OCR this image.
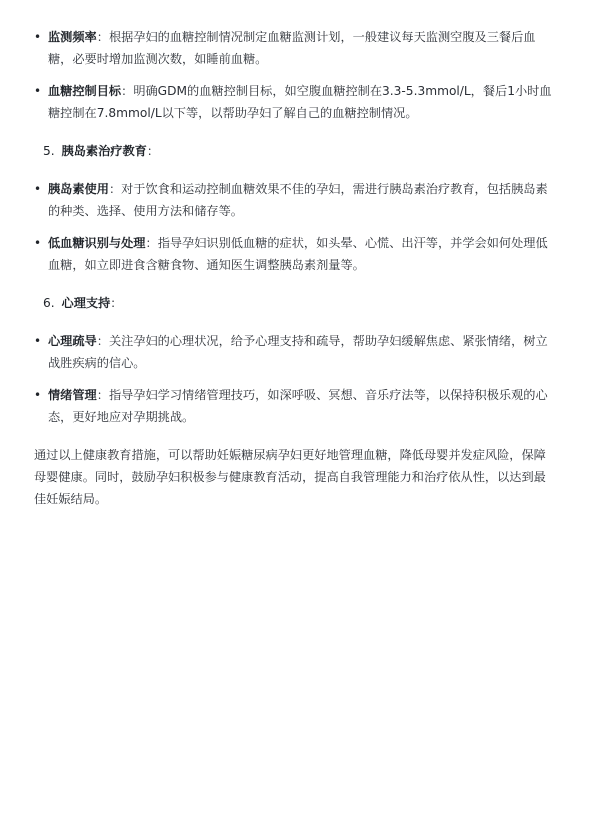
• 监测频率：根据孕妇的血糖控制情况制定血糖监测计划，一般建议每天监测空腹及三餐后血糖，必要时增加监测次数，如睡前血糖。
• 血糖控制目标：明确GDM的血糖控制目标，如空腹血糖控制在3.3-5.3mmol/L，餐后1小时血糖控制在7.8mmol/L以下等，以帮助孕妇了解自己的血糖控制情况。
5. 胰岛素治疗教育：
• 胰岛素使用：对于饮食和运动控制血糖效果不佳的孕妇，需进行胰岛素治疗教育，包括胰岛素的种类、选择、使用方法和储存等。
• 低血糖识别与处理：指导孕妇识别低血糖的症状，如头晕、心慌、出汗等，并学会如何处理低血糖，如立即进食含糖食物、通知医生调整胰岛素剂量等。
6. 心理支持：
• 心理疏导：关注孕妇的心理状况，给予心理支持和疏导，帮助孕妇缓解焦虑、紧张情绪，树立战胜疾病的信心。
• 情绪管理：指导孕妇学习情绪管理技巧，如深呼吸、冥想、音乐疗法等，以保持积极乐观的心态，更好地应对孕期挑战。

通过以上健康教育措施，可以帮助妊娠糖尿病孕妇更好地管理血糖，降低母婴并发症风险，保障母婴健康。同时，鼓励孕妇积极参与健康教育活动，提高自我管理能力和治疗依从性，以达到最佳妊娠结局。
